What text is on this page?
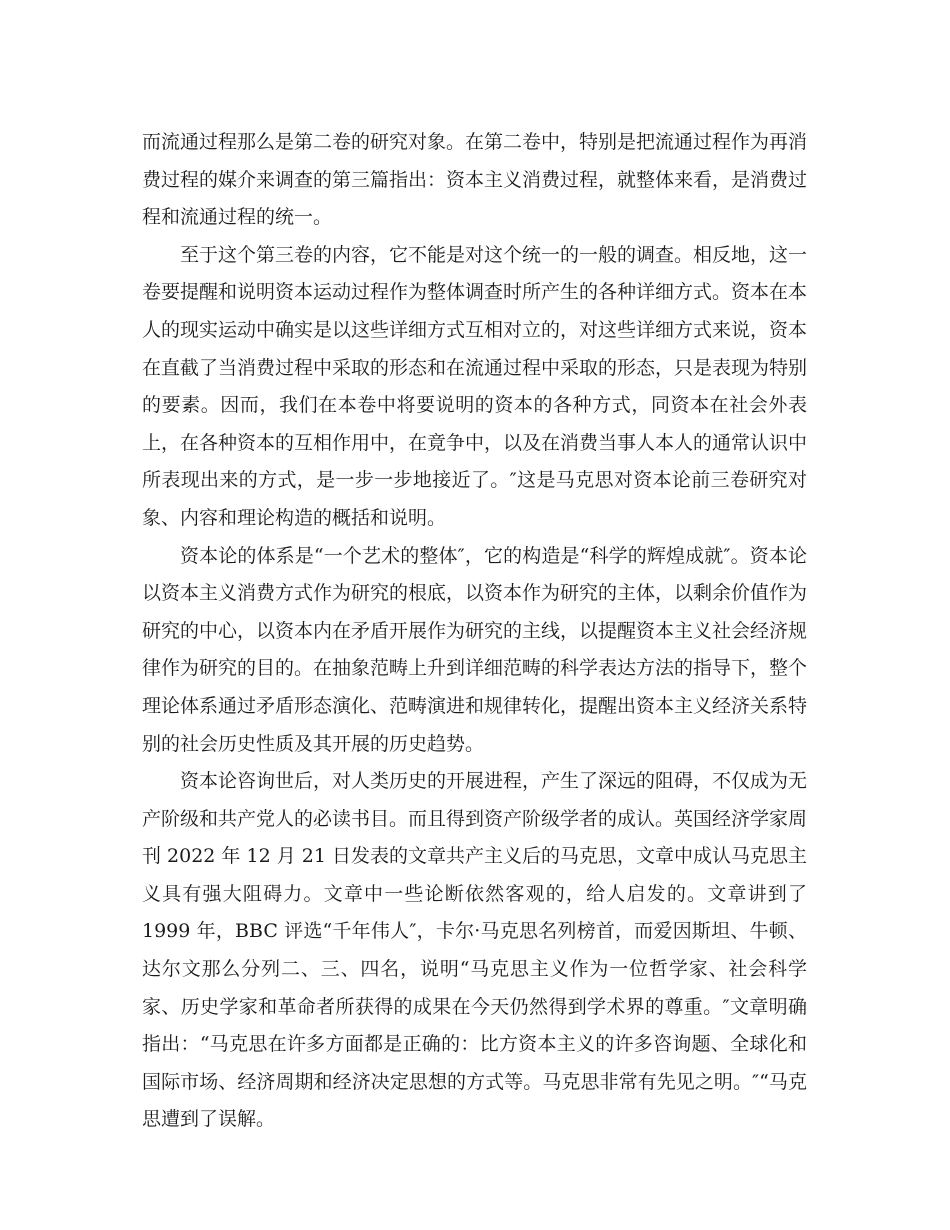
而流通过程那么是第二卷的研究对象。在第二卷中，特别是把流通过程作为再消费过程的媒介来调查的第三篇指出：资本主义消费过程，就整体来看，是消费过程和流通过程的统一。

至于这个第三卷的内容，它不能是对这个统一的一般的调查。相反地，这一卷要提醒和说明资本运动过程作为整体调查时所产生的各种详细方式。资本在本人的现实运动中确实是以这些详细方式互相对立的，对这些详细方式来说，资本在直截了当消费过程中采取的形态和在流通过程中采取的形态，只是表现为特别的要素。因而，我们在本卷中将要说明的资本的各种方式，同资本在社会外表上，在各种资本的互相作用中，在竟争中，以及在消费当事人本人的通常认识中所表现出来的方式，是一步一步地接近了。″这是马克思对资本论前三卷研究对象、内容和理论构造的概括和说明。

资本论的体系是“一个艺术的整体″，它的构造是“科学的辉煌成就″。资本论以资本主义消费方式作为研究的根底，以资本作为研究的主体，以剩余价值作为研究的中心，以资本内在矛盾开展作为研究的主线，以提醒资本主义社会经济规律作为研究的目的。在抽象范畴上升到详细范畴的科学表达方法的指导下，整个理论体系通过矛盾形态演化、范畴演进和规律转化，提醒出资本主义经济关系特别的社会历史性质及其开展的历史趋势。

资本论咨询世后，对人类历史的开展进程，产生了深远的阻碍，不仅成为无产阶级和共产党人的必读书目。而且得到资产阶级学者的成认。英国经济学家周刊 2022 年 12 月 21 日发表的文章共产主义后的马克思，文章中成认马克思主义具有强大阻碍力。文章中一些论断依然客观的，给人启发的。文章讲到了 1999 年，BBC 评选“千年伟人″，卡尔·马克思名列榜首，而爱因斯坦、牛顿、达尔文那么分列二、三、四名，说明“马克思主义作为一位哲学家、社会科学家、历史学家和革命者所获得的成果在今天仍然得到学术界的尊重。″文章明确指出：“马克思在许多方面都是正确的：比方资本主义的许多咨询题、全球化和国际市场、经济周期和经济决定思想的方式等。马克思非常有先见之明。″“马克思遭到了误解。
